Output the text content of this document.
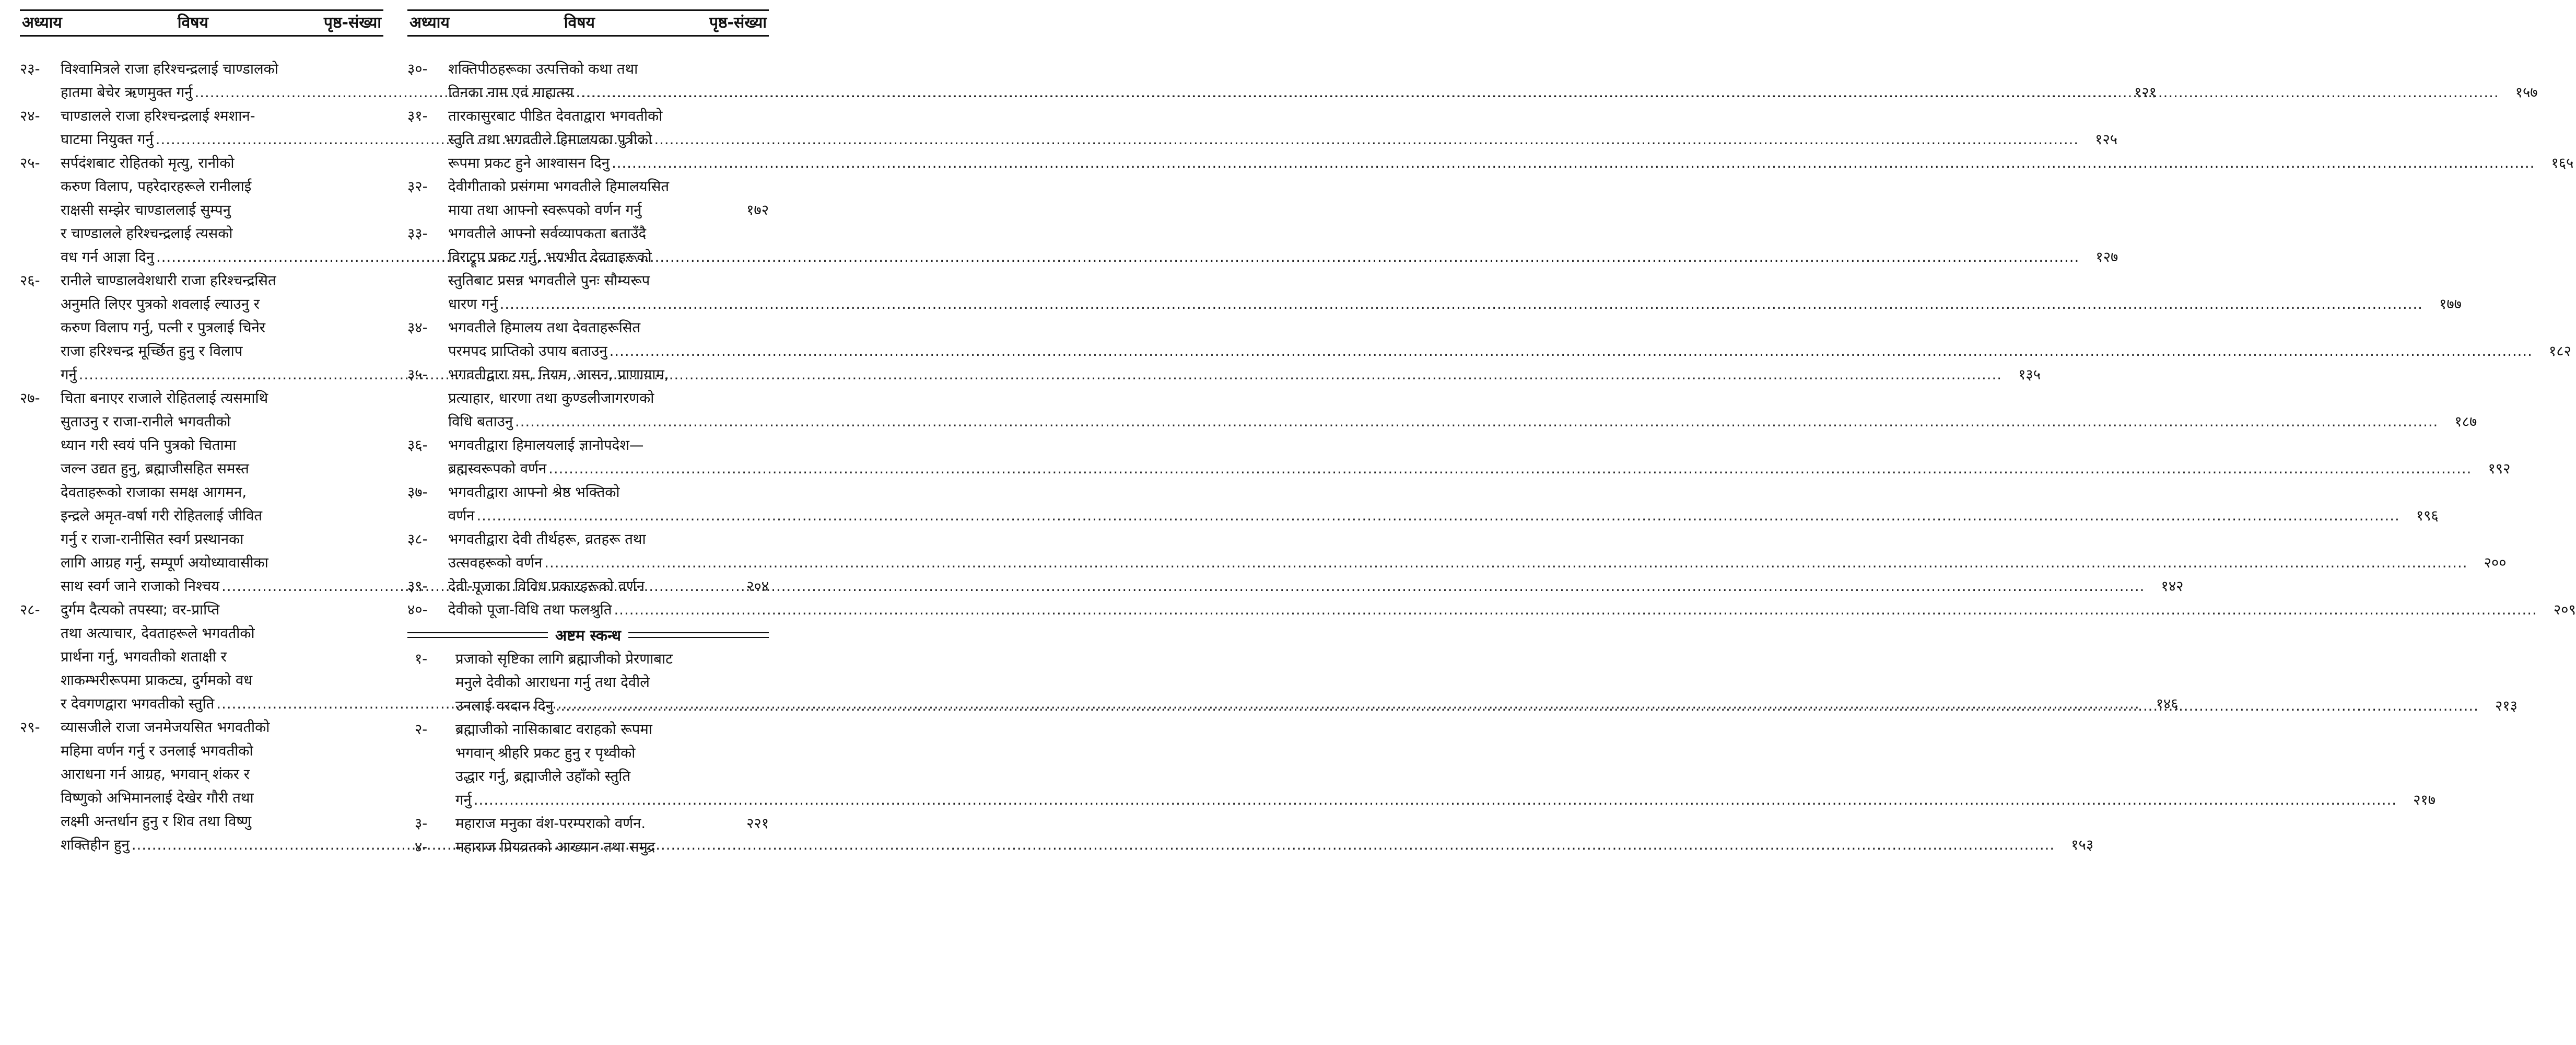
अध्याय	विषय	पृष्ठ-संख्या
२३-	विश्वामित्रले राजा हरिश्चन्द्रलाई चाण्डालको
हातमा बेचेर ऋणमुक्त गर्नु .....	१२१
२४-	चाण्डालले राजा हरिश्चन्द्रलाई श्मशान-
घाटमा नियुक्त गर्नु .....	१२५
२५-	सर्पदंशबाट रोहितको मृत्यु, रानीको
करुण विलाप, पहरेदारहरूले रानीलाई
राक्षसी सम्झेर चाण्डाललाई सुम्पनु
र चाण्डालले हरिश्चन्द्रलाई त्यसको
वध गर्न आज्ञा दिनु .....	१२७
२६-	रानीले चाण्डालवेशधारी राजा हरिश्चन्द्रसित
अनुमति लिएर पुत्रको शवलाई ल्याउनु र
करुण विलाप गर्नु, पत्नी र पुत्रलाई चिनेर
राजा हरिश्चन्द्र मूर्च्छित हुनु र विलाप
गर्नु .....	१३५
२७-	चिता बनाएर राजाले रोहितलाई त्यसमाथि
सुताउनु र राजा-रानीले भगवतीको
ध्यान गरी स्वयं पनि पुत्रको चितामा
जल्न उद्यत हुनु, ब्रह्माजीसहित समस्त
देवताहरूको राजाका समक्ष आगमन,
इन्द्रले अमृत-वर्षा गरी रोहितलाई जीवित
गर्नु र राजा-रानीसित स्वर्ग प्रस्थानका
लागि आग्रह गर्नु, सम्पूर्ण अयोध्यावासीका
साथ स्वर्ग जाने राजाको निश्चय .....	१४२
२८-	दुर्गम दैत्यको तपस्या; वर-प्राप्ति
तथा अत्याचार, देवताहरूले भगवतीको
प्रार्थना गर्नु, भगवतीको शताक्षी र
शाकम्भरीरूपमा प्राकट्य, दुर्गमको वध
र देवगणद्वारा भगवतीको स्तुति .....	१४६
२९-	व्यासजीले राजा जनमेजयसित भगवतीको
महिमा वर्णन गर्नु र उनलाई भगवतीको
आराधना गर्न आग्रह, भगवान् शंकर र
विष्णुको अभिमानलाई देखेर गौरी तथा
लक्ष्मी अन्तर्धान हुनु र शिव तथा विष्णु
शक्तिहीन हुनु .....	१५३
अध्याय	विषय	पृष्ठ-संख्या
३०-	शक्तिपीठहरूका उत्पत्तिको कथा तथा
तिनका नाम एवं माहात्म्य .....	१५७
३१-	तारकासुरबाट पीडित देवताद्वारा भगवतीको
स्तुति तथा भगवतीले हिमालयका पुत्रीको
रूपमा प्रकट हुने आश्वासन दिनु .....	१६५
३२-	देवीगीताको प्रसंगमा भगवतीले हिमालयसित
माया तथा आफ्नो स्वरूपको वर्णन गर्नु	१७२
३३-	भगवतीले आफ्नो सर्वव्यापकता बताउँदै
विराट्रूप प्रकट गर्नु, भयभीत देवताहरूको
स्तुतिबाट प्रसन्न भगवतीले पुनः सौम्यरूप
धारण गर्नु .....	१७७
३४-	भगवतीले हिमालय तथा देवताहरूसित
परमपद प्राप्तिको उपाय बताउनु .....	१८२
३५-	भगवतीद्वारा यम, नियम, आसन, प्राणायाम,
प्रत्याहार, धारणा तथा कुण्डलीजागरणको
विधि बताउनु .....	१८७
३६-	भगवतीद्वारा हिमालयलाई ज्ञानोपदेश—
ब्रह्मस्वरूपको वर्णन .....	१९२
३७-	भगवतीद्वारा आफ्नो श्रेष्ठ भक्तिको
वर्णन .....	१९६
३८-	भगवतीद्वारा देवी तीर्थहरू, व्रतहरू तथा
उत्सवहरूको वर्णन .....	२००
३९-	देवी-पूजाका विविध प्रकारहरूको वर्णन	२०४
४०-	देवीको पूजा-विधि तथा फलश्रुति .....	२०९
अष्टम स्कन्ध
१-	प्रजाको सृष्टिका लागि ब्रह्माजीको प्रेरणाबाट
मनुले देवीको आराधना गर्नु तथा देवीले
उनलाई वरदान दिनु .....	२१३
२-	ब्रह्माजीको नासिकाबाट वराहको रूपमा
भगवान् श्रीहरि प्रकट हुनु र पृथ्वीको
उद्धार गर्नु, ब्रह्माजीले उहाँको स्तुति
गर्नु .....	२१७
३-	महाराज मनुका वंश-परम्पराको वर्णन.	२२१
४-	महाराज प्रियव्रतको आख्यान तथा समुद्र
